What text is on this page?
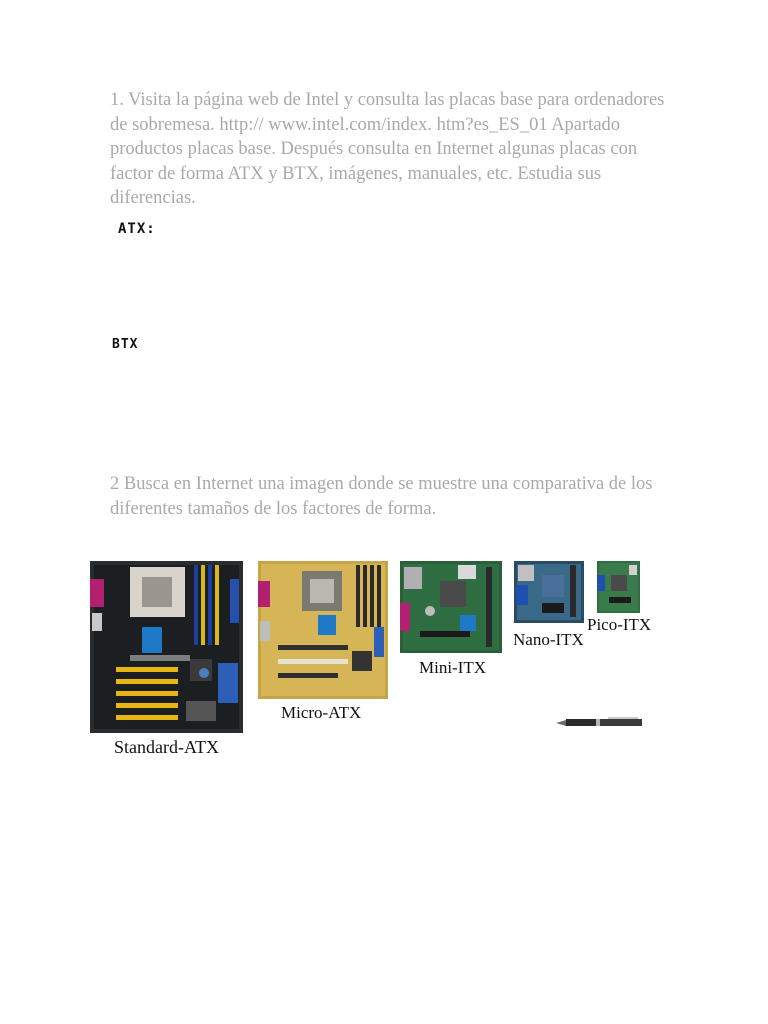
1. Visita la página web de Intel y consulta las placas base para ordenadores de sobremesa. http:// www.intel.com/index. htm?es_ES_01 Apartado productos placas base. Después consulta en Internet algunas placas con factor de forma ATX y BTX, imágenes, manuales, etc. Estudia sus diferencias.

ATX:
BTX

2 Busca en Internet una imagen donde se muestre una comparativa de los diferentes tamaños de los factores de forma.

Standard-ATX
Micro-ATX
Mini-ITX
Nano-ITX
Pico-ITX
